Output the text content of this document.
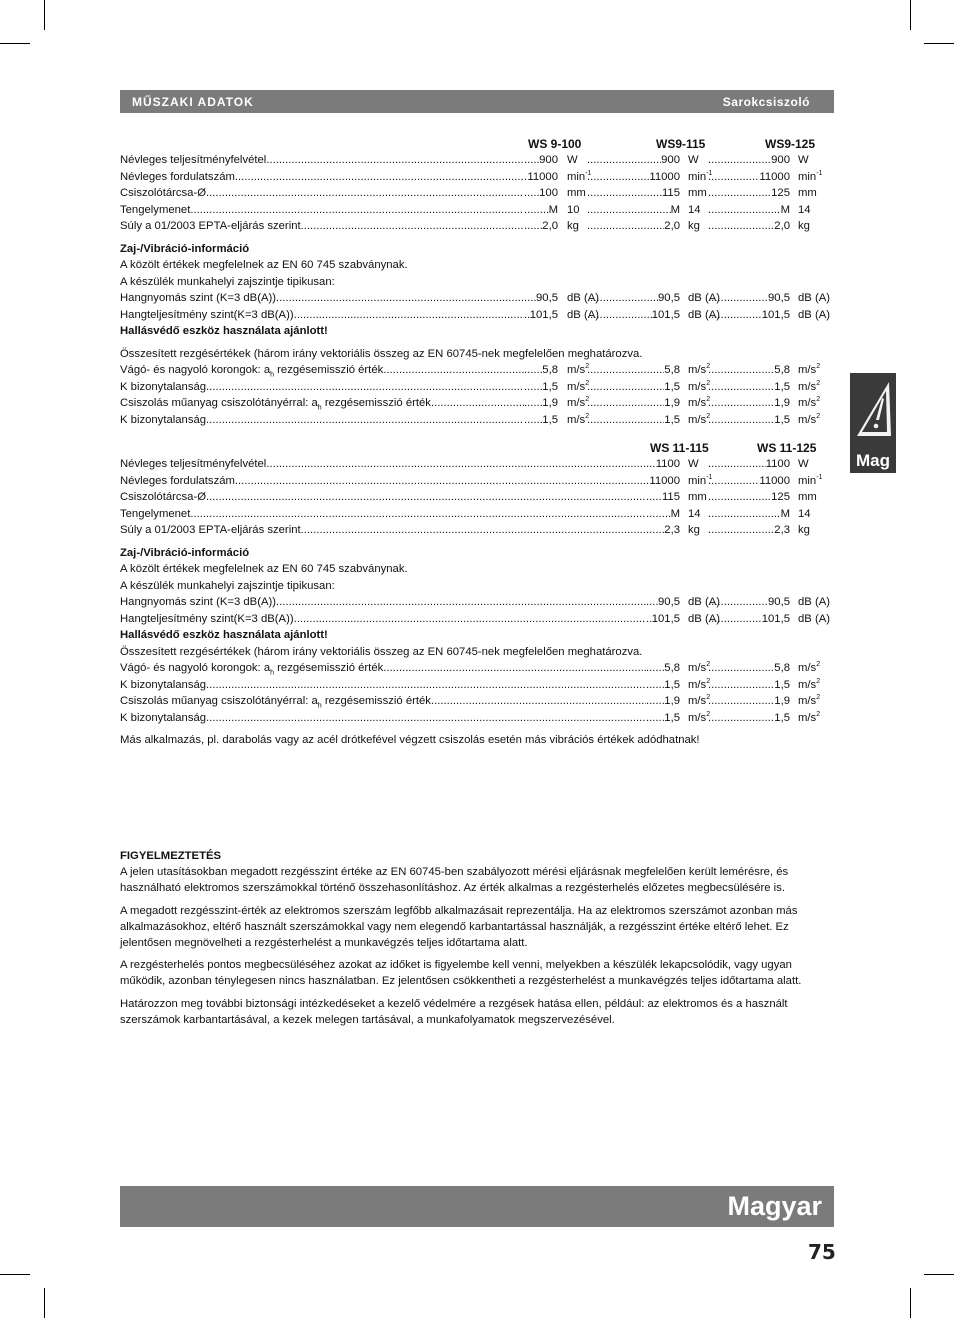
MŰSZAKI ADATOK	Sarokcsiszoló
Mag
WS 9-100	WS9-115	WS9-125
Névleges teljesítményfelvétel ..... .....	900 W .....	900 W .....	900 W
Névleges fordulatszám ..... .....	11000 $\min^{-1}$ .....	11000 $\min^{-1}$ .....	11000 $\min^{-1}$
Csiszolótárcsa-Ø ..... .....	100 mm .....	115 mm .....	125 mm
Tengelymenet ..... .....	M 10 .....	M 14 .....	M 14
Súly a 01/2003 EPTA-eljárás szerint. ..... .....	2,0 kg .....	2,0 kg .....	2,0 kg
Zaj-/Vibráció-információ
A közölt értékek megfelelnek az EN 60 745 szabványnak.
A készülék munkahelyi zajszintje tipikusan:
Hangnyomás szint (K=3 dB(A)) ..... .....	90,5 dB (A) .....	90,5 dB (A) .....	90,5 dB (A)
Hangteljesítmény szint(K=3 dB(A)) ..... .....	101,5 dB (A) .....	101,5 dB (A) .....	101,5 dB (A)
Hallásvédő eszköz használata ajánlott!
Összesített rezgésértékek (három irány vektoriális összeg az EN 60745-nek megfelelően meghatározva.
Vágó- és nagyoló korongok: $a_h$ rezgésemisszió érték ..... .....	5,8 $m/s^2$ .....	5,8 $m/s^2$ .....	5,8 $m/s^2$
K bizonytalanság ..... .....	1,5 $m/s^2$ .....	1,5 $m/s^2$ .....	1,5 $m/s^2$
Csiszolás műanyag csiszolótányérral: $a_h$ rezgésemisszió érték ..... .....	1,9 $m/s^2$ .....	1,9 $m/s^2$ .....	1,9 $m/s^2$
K bizonytalanság ..... .....	1,5 $m/s^2$ .....	1,5 $m/s^2$ .....	1,5 $m/s^2$
WS 11-115	WS 11-125
Névleges teljesítményfelvétel ..... .....	1100 W .....	1100 W
Névleges fordulatszám ..... .....	11000 $\min^{-1}$ .....	11000 $\min^{-1}$
Csiszolótárcsa-Ø ..... .....	115 mm .....	125 mm
Tengelymenet ..... .....	M 14 .....	M 14
Súly a 01/2003 EPTA-eljárás szerint. ..... .....	2,3 kg .....	2,3 kg
Zaj-/Vibráció-információ
A közölt értékek megfelelnek az EN 60 745 szabványnak.
A készülék munkahelyi zajszintje tipikusan:
Hangnyomás szint (K=3 dB(A)) ..... .....	90,5 dB (A) .....	90,5 dB (A)
Hangteljesítmény szint(K=3 dB(A)) ..... .....	101,5 dB (A) .....	101,5 dB (A)
Hallásvédő eszköz használata ajánlott!
Összesített rezgésértékek (három irány vektoriális összeg az EN 60745-nek megfelelően meghatározva.
Vágó- és nagyoló korongok: $a_h$ rezgésemisszió érték ..... .....	5,8 $m/s^2$ .....	5,8 $m/s^2$
K bizonytalanság ..... .....	1,5 $m/s^2$ .....	1,5 $m/s^2$
Csiszolás műanyag csiszolótányérral: $a_h$ rezgésemisszió érték ..... .....	1,9 $m/s^2$ .....	1,9 $m/s^2$
K bizonytalanság ..... .....	1,5 $m/s^2$ .....	1,5 $m/s^2$
Más alkalmazás, pl. darabolás vagy az acél drótkefével végzett csiszolás esetén más vibrációs értékek adódhatnak!
FIGYELMEZTETÉS

A jelen utasításokban megadott rezgésszint értéke az EN 60745-ben szabályozott mérési eljárásnak megfelelően került lemérésre, és használható elektromos szerszámokkal történő összehasonlításhoz. Az érték alkalmas a rezgésterhelés előzetes megbecsülésére is.

A megadott rezgésszint-érték az elektromos szerszám legfőbb alkalmazásait reprezentálja. Ha az elektromos szerszámot azonban más alkalmazásokhoz, eltérő használt szerszámokkal vagy nem elegendő karbantartással használják, a rezgésszint értéke eltérő lehet. Ez jelentősen megnövelheti a rezgésterhelést a munkavégzés teljes időtartama alatt.

A rezgésterhelés pontos megbecsüléséhez azokat az időket is figyelembe kell venni, melyekben a készülék lekapcsolódik, vagy ugyan működik, azonban ténylegesen nincs használatban. Ez jelentősen csökkentheti a rezgésterhelést a munkavégzés teljes időtartama alatt.

Határozzon meg további biztonsági intézkedéseket a kezelő védelmére a rezgések hatása ellen, például: az elektromos és a használt szerszámok karbantartásával, a kezek melegen tartásával, a munkafolyamatok megszervezésével.

Magyar
75
